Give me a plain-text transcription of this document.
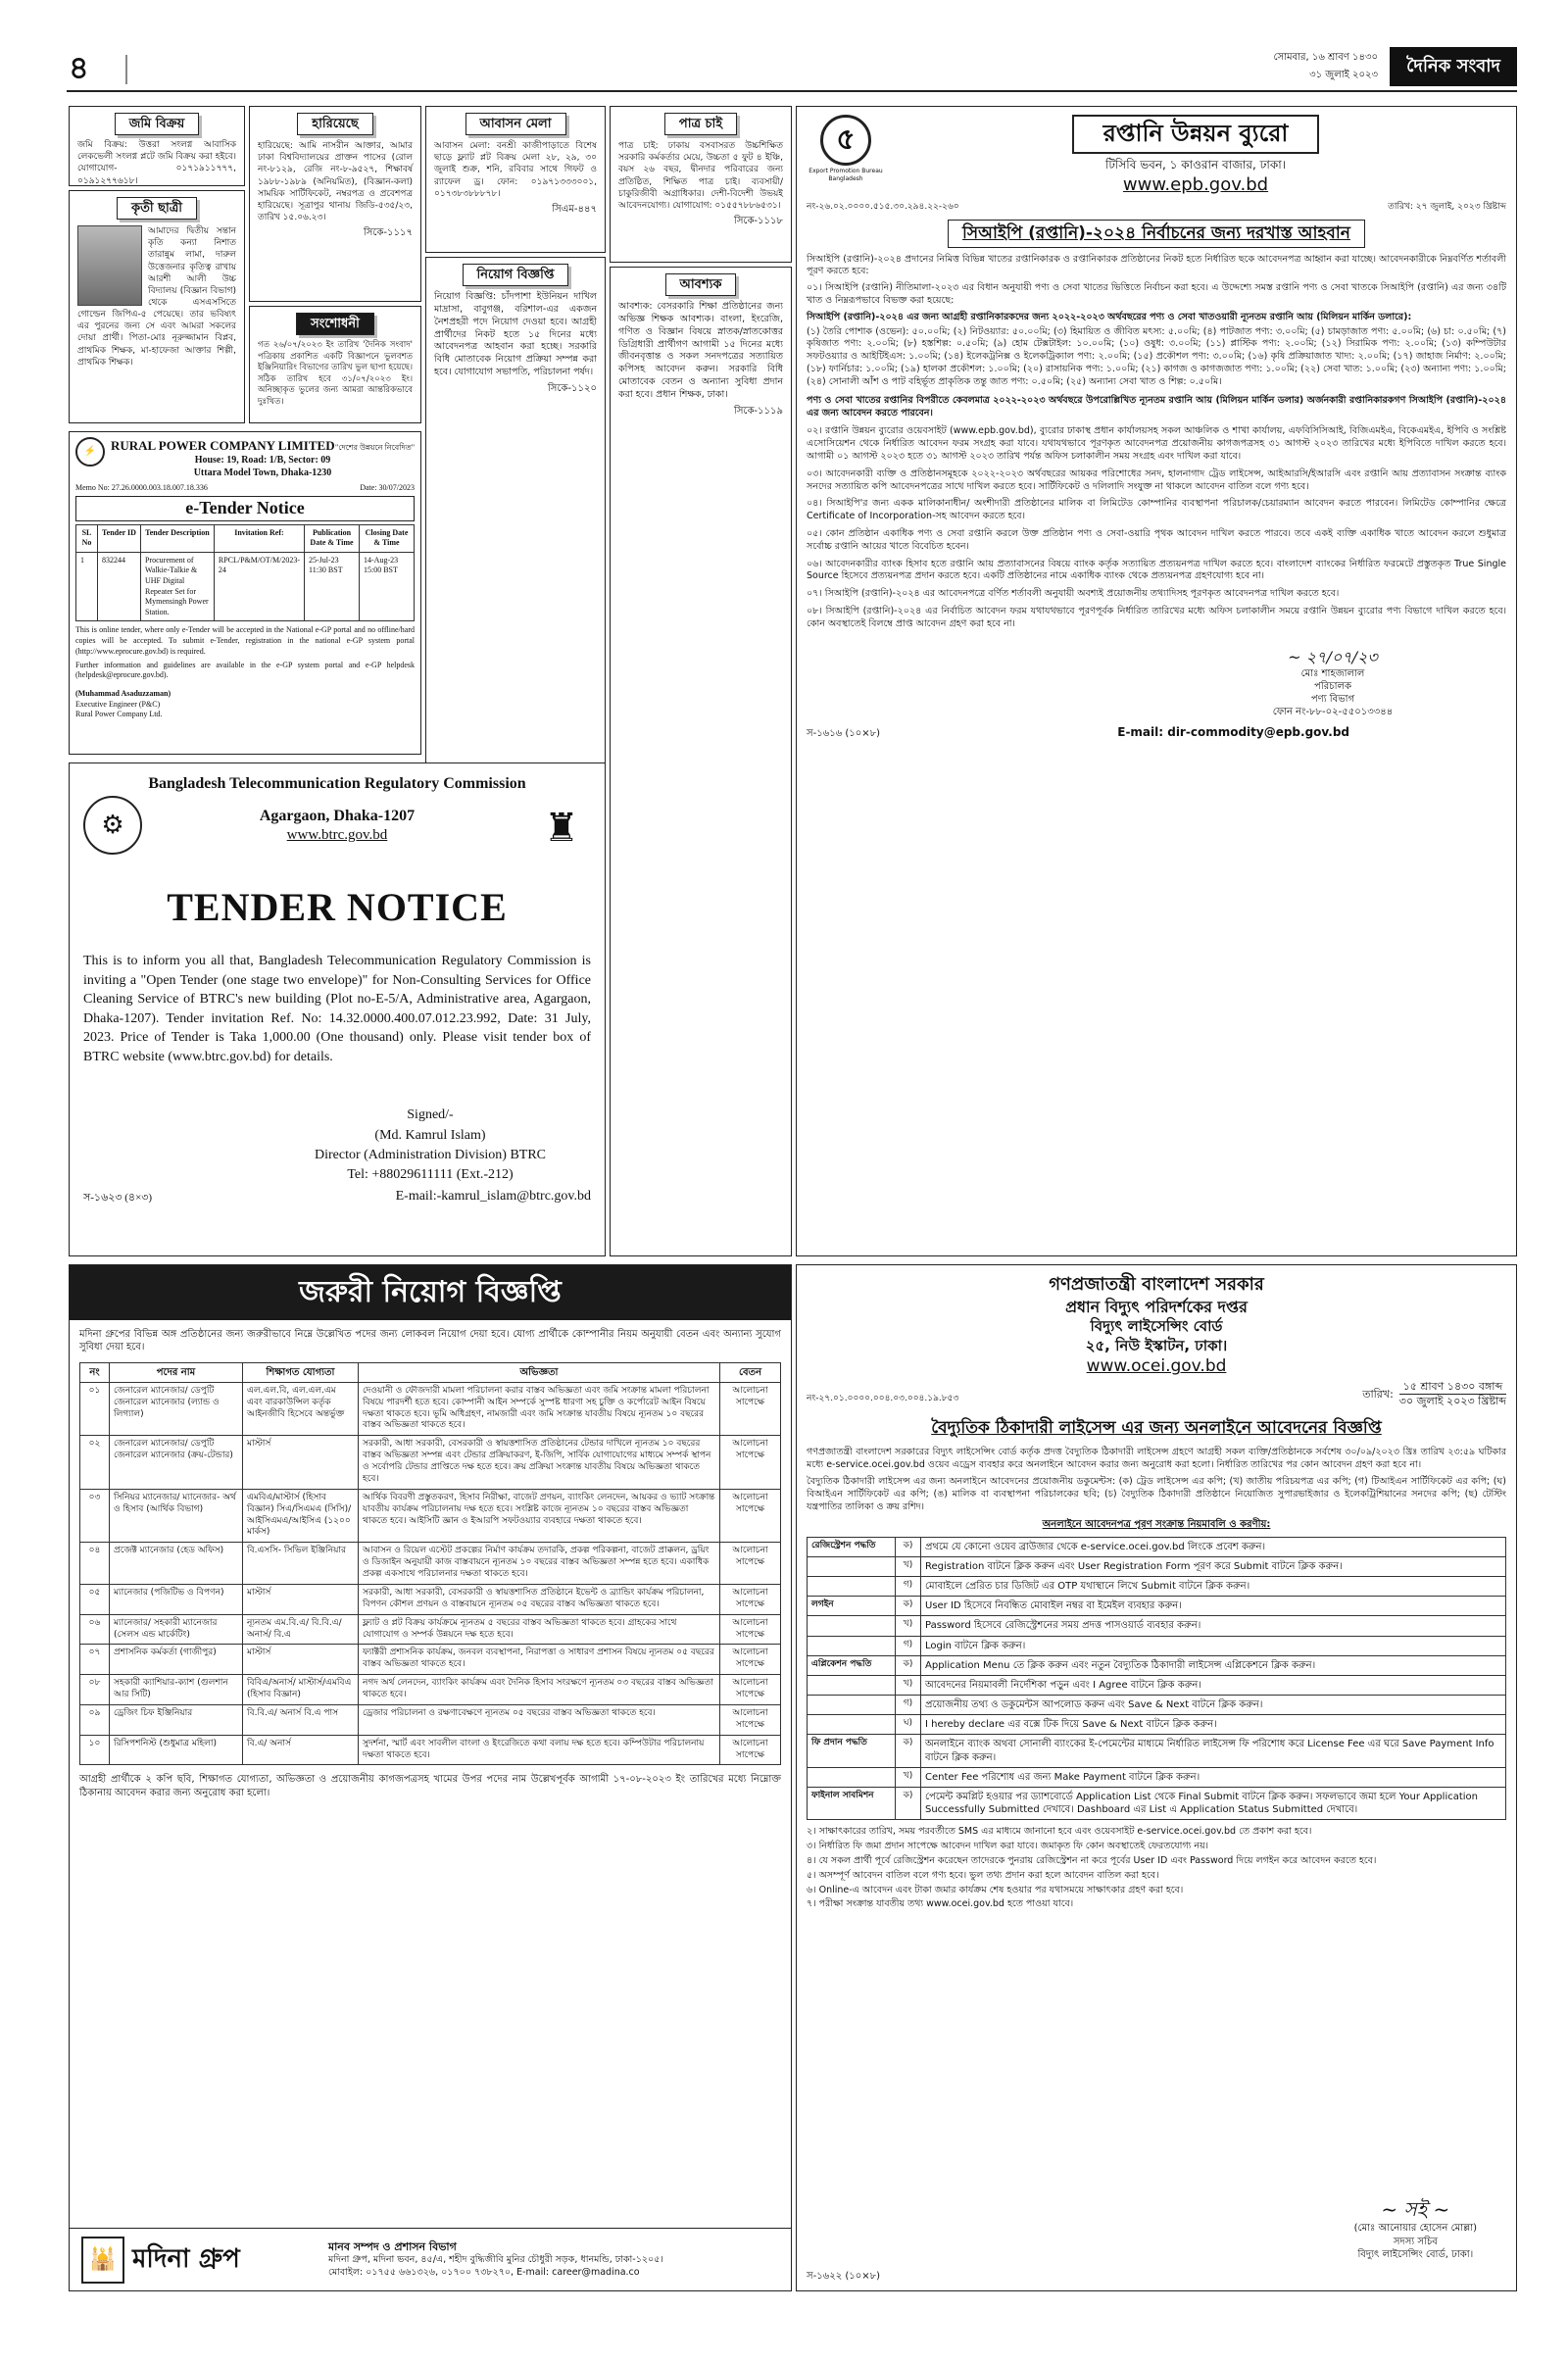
৪	সোমবার, ১৬ শ্রাবণ ১৪৩০
৩১ জুলাই ২০২৩ দৈনিক সংবাদ
জমি বিক্রয়
জমি বিক্রয়: উত্তরা সংলগ্ন আবাসিক লেকভেলী সংলগ্ন প্লটে জমি বিক্রয় করা হইবে। যোগাযোগ- ০১৭১৯১১৭৭৭, ০১৯১২৭৭৬১৮।
কৃতী ছাত্রী
আমাদের দ্বিতীয় সন্তান কৃতি কন্যা নিশাত তারান্নুম লামা, দারুল উত্তেজনার কৃতিত্ব রাখায় আরশী আলী উচ্চ বিদ্যালয় (বিজ্ঞান বিভাগ) থেকে এসএসসিতে গোল্ডেন জিপিএ-৫ পেয়েছে। তার ভবিষ্যৎ এর পুরনের জন্য সে এবং আমরা সকলের দোয়া প্রার্থী। পিতা-মোঃ নূরুজ্জামান বিপ্লব, প্রাথমিক শিক্ষক, মা-হাফেজা আক্তার শিল্পী, প্রাথমিক শিক্ষক।
হারিয়েছে
হারিয়েছে: আমি নাসরীন আক্তার, আমার ঢাকা বিশ্ববিদ্যালয়ের প্রাক্তন পাসের (রোল নং-৮১২৯, রেজি নং-৮-৯৫২৭, শিক্ষাবর্ষ ১৯৮৮-১৯৮৯ (অনিয়মিত), (বিজ্ঞান-কলা) সাময়িক সার্টিফিকেট, নম্বরপত্র ও প্রবেশপত্র হারিয়েছে। সূত্রাপুর থানায় জিডি-৫৩৫/২৩, তারিখ ১৫.০৬.২৩।
সিকে-১১১৭
সংশোধনী
গত ২৬/০৭/২০২৩ ইং তারিখ 'দৈনিক সংবাদ' পত্রিকায় প্রকাশিত একটি বিজ্ঞাপনে ভুলবশত ইঞ্জিনিয়ারিং বিভাগের তারিখ ভুল ছাপা হয়েছে। সঠিক তারিখ হবে ৩১/০৭/২০২৩ ইং। অনিচ্ছাকৃত ভুলের জন্য আমরা আন্তরিকভাবে দুঃখিত।
আবাসন মেলা
আবাসন মেলা: বনশ্রী কাজীপাড়াতে বিশেষ ছাড়ে ফ্ল্যাট প্লট বিক্রয় মেলা ২৮, ২৯, ৩০ জুলাই শুক্র, শনি, রবিবার সাথে গিফট ও র‍্যাফেল ড্র। ফোন: ০১৯৭১৩৩৩০০১, ০১৭৩৮৩৮৮৮৭৮।
সিএম-৪৪৭
নিয়োগ বিজ্ঞপ্তি
নিয়োগ বিজ্ঞপ্তি: চাঁদপাশা ইউনিয়ন দাখিল মাদ্রাসা, বাবুগঞ্জ, বরিশাল-এর একজন নৈশপ্রহরী পদে নিয়োগ দেওয়া হবে। আগ্রহী প্রার্থীদের নিকট হতে ১৫ দিনের মধ্যে আবেদনপত্র আহবান করা হচ্ছে। সরকারি বিধি মোতাবেক নিয়োগ প্রক্রিয়া সম্পন্ন করা হবে। যোগাযোগ সভাপতি, পরিচালনা পর্ষদ।
সিকে-১১২০
পাত্র চাই
পাত্র চাই: ঢাকায় বসবাসরত উচ্চশিক্ষিত সরকারি কর্মকর্তার মেয়ে, উচ্চতা ৫ ফুট ৪ ইঞ্চি, বয়স ২৬ বছর, দ্বীনদার পরিবারের জন্য প্রতিষ্ঠিত, শিক্ষিত পাত্র চাই। ব্যবসায়ী/চাকুরিজীবী অগ্রাধিকার। দেশী-বিদেশী উভয়ই আবেদনযোগ্য। যোগাযোগ: ০১৫৫৭৮৮৬৫৩১।
সিকে-১১১৮
আবশ্যক
আবশ্যক: বেসরকারি শিক্ষা প্রতিষ্ঠানের জন্য অভিজ্ঞ শিক্ষক আবশ্যক। বাংলা, ইংরেজি, গণিত ও বিজ্ঞান বিষয়ে স্নাতক/স্নাতকোত্তর ডিগ্রিধারী প্রার্থীগণ আগামী ১৫ দিনের মধ্যে জীবনবৃত্তান্ত ও সকল সনদপত্রের সত্যায়িত কপিসহ আবেদন করুন। সরকারি বিধি মোতাবেক বেতন ও অন্যান্য সুবিধা প্রদান করা হবে। প্রধান শিক্ষক, ঢাকা।
সিকে-১১১৯
⚡	RURAL POWER COMPANY LIMITED "দেশের উন্নয়নে নিবেদিত"
House: 19, Road: 1/B, Sector: 09
Uttara Model Town, Dhaka-1230
Memo No: 27.26.0000.003.18.007.18.336	Date: 30/07/2023
e-Tender Notice
SL No	Tender ID	Tender Description	Invitation Ref:	Publication Date & Time	Closing Date & Time
1	832244	Procurement of Walkie-Talkie & UHF Digital Repeater Set for Mymensingh Power Station.	RPCL/P&M/OT/M/2023-24	25-Jul-23 11:30 BST	14-Aug-23 15:00 BST
This is online tender, where only e-Tender will be accepted in the National e-GP portal and no offline/hard copies will be accepted. To submit e-Tender, registration in the national e-GP system portal (http://www.eprocure.gov.bd) is required.
Further information and guidelines are available in the e-GP system portal and e-GP helpdesk (helpdesk@eprocure.gov.bd).
(Muhammad Asaduzzaman)
Executive Engineer (P&C)
Rural Power Company Ltd.
Bangladesh Telecommunication Regulatory Commission
⚙	Agargaon, Dhaka-1207
www.btrc.gov.bd	♜
TENDER NOTICE
This is to inform you all that, Bangladesh Telecommunication Regulatory Commission is inviting a "Open Tender (one stage two envelope)" for Non-Consulting Services for Office Cleaning Service of BTRC's new building (Plot no-E-5/A, Administrative area, Agargaon, Dhaka-1207). Tender invitation Ref. No: 14.32.0000.400.07.012.23.992, Date: 31 July, 2023. Price of Tender is Taka 1,000.00 (One thousand) only. Please visit tender box of BTRC website (www.btrc.gov.bd) for details.
Signed/-
(Md. Kamrul Islam)
Director (Administration Division) BTRC
Tel: +88029611111 (Ext.-212)
স-১৬২৩ (৪×৩)	E-mail:-kamrul_islam@btrc.gov.bd
৫
Export Promotion Bureau Bangladesh
রপ্তানি উন্নয়ন ব্যুরো
টিসিবি ভবন, ১ কাওরান বাজার, ঢাকা।
www.epb.gov.bd
নং-২৬.০২.০০০০.৫১৫.৩০.২৯৪.২২-২৬০	তারিখ: ২৭ জুলাই, ২০২৩ খ্রিষ্টাব্দ
সিআইপি (রপ্তানি)-২০২৪ নির্বাচনের জন্য দরখাস্ত আহবান
সিআইপি (রপ্তানি)-২০২৪ প্রদানের নিমিত্ত বিভিন্ন খাতের রপ্তানিকারক ও রপ্তানিকারক প্রতিষ্ঠানের নিকট হতে নির্ধারিত ছকে আবেদনপত্র আহ্বান করা যাচ্ছে। আবেদনকারীকে নিম্নবর্ণিত শর্তাবলী পূরণ করতে হবে:
০১। সিআইপি (রপ্তানি) নীতিমালা-২০২৩ এর বিধান অনুযায়ী পণ্য ও সেবা খাতের ভিত্তিতে নির্বাচন করা হবে। এ উদ্দেশ্যে সমস্ত রপ্তানি পণ্য ও সেবা খাতকে সিআইপি (রপ্তানি) এর জন্য ৩৪টি খাত ও নিম্নরূপভাবে বিভক্ত করা হয়েছে:
সিআইপি (রপ্তানি)-২০২৪ এর জন্য আগ্রহী রপ্তানিকারকদের জন্য ২০২২-২০২৩ অর্থবছরের পণ্য ও সেবা খাতওয়ারী ন্যূনতম রপ্তানি আয় (মিলিয়ন মার্কিন ডলারে):
(১) তৈরি পোশাক (ওভেন): ৫০.০০মি; (২) নিটওয়্যার: ৫০.০০মি; (৩) হিমায়িত ও জীবিত মৎস্য: ৫.০০মি; (৪) পাটজাত পণ্য: ৩.০০মি; (৫) চামড়াজাত পণ্য: ৫.০০মি; (৬) চা: ০.৫০মি; (৭) কৃষিজাত পণ্য: ২.০০মি; (৮) হস্তশিল্প: ০.৫০মি; (৯) হোম টেক্সটাইল: ১০.০০মি; (১০) ওষুধ: ৩.০০মি; (১১) প্লাস্টিক পণ্য: ২.০০মি; (১২) সিরামিক পণ্য: ২.০০মি; (১৩) কম্পিউটার সফটওয়্যার ও আইটিইএস: ১.০০মি; (১৪) ইলেকট্রনিক্স ও ইলেকট্রিক্যাল পণ্য: ২.০০মি; (১৫) প্রকৌশল পণ্য: ৩.০০মি; (১৬) কৃষি প্রক্রিয়াজাত খাদ্য: ২.০০মি; (১৭) জাহাজ নির্মাণ: ২.০০মি; (১৮) ফার্নিচার: ১.০০মি; (১৯) হালকা প্রকৌশল: ১.০০মি; (২০) রাসায়নিক পণ্য: ১.০০মি; (২১) কাগজ ও কাগজজাত পণ্য: ১.০০মি; (২২) সেবা খাত: ১.০০মি; (২৩) অন্যান্য পণ্য: ১.০০মি; (২৪) সোনালী আঁশ ও পাট বহির্ভূত প্রাকৃতিক তন্তু জাত পণ্য: ০.৫০মি; (২৫) অন্যান্য সেবা খাত ও শিল্প: ০.৫০মি।
পণ্য ও সেবা খাতের রপ্তানির বিপরীতে কেবলমাত্র ২০২২-২০২৩ অর্থবছরে উপরোল্লিখিত ন্যূনতম রপ্তানি আয় (মিলিয়ন মার্কিন ডলার) অর্জনকারী রপ্তানিকারকগণ সিআইপি (রপ্তানি)-২০২৪ এর জন্য আবেদন করতে পারবেন।
০২। রপ্তানি উন্নয়ন ব্যুরোর ওয়েবসাইট (www.epb.gov.bd), ব্যুরোর ঢাকাস্থ প্রধান কার্যালয়সহ সকল আঞ্চলিক ও শাখা কার্যালয়, এফবিসিসিআই, বিজিএমইএ, বিকেএমইএ, ইপিবি ও সংশ্লিষ্ট এসোসিয়েশন থেকে নির্ধারিত আবেদন ফরম সংগ্রহ করা যাবে। যথাযথভাবে পূরণকৃত আবেদনপত্র প্রয়োজনীয় কাগজপত্রসহ ৩১ আগস্ট ২০২৩ তারিখের মধ্যে ইপিবিতে দাখিল করতে হবে। আগামী ০১ আগস্ট ২০২৩ হতে ৩১ আগস্ট ২০২৩ তারিখ পর্যন্ত অফিস চলাকালীন সময় সংগ্রহ এবং দাখিল করা যাবে।
০৩। আবেদনকারী ব্যক্তি ও প্রতিষ্ঠানসমূহকে ২০২২-২০২৩ অর্থবছরের আয়কর পরিশোধের সনদ, হালনাগাদ ট্রেড লাইসেন্স, আইআরসি/ইআরসি এবং রপ্তানি আয় প্রত্যাবাসন সংক্রান্ত ব্যাংক সনদের সত্যায়িত কপি আবেদনপত্রের সাথে দাখিল করতে হবে। সার্টিফিকেট ও দলিলাদি সংযুক্ত না থাকলে আবেদন বাতিল বলে গণ্য হবে।
০৪। সিআইপি'র জন্য একক মালিকানাধীন/ অংশীদারী প্রতিষ্ঠানের মালিক বা লিমিটেড কোম্পানির ব্যবস্থাপনা পরিচালক/চেয়ারম্যান আবেদন করতে পারবেন। লিমিটেড কোম্পানির ক্ষেত্রে Certificate of Incorporation-সহ আবেদন করতে হবে।
০৫। কোন প্রতিষ্ঠান একাধিক পণ্য ও সেবা রপ্তানি করলে উক্ত প্রতিষ্ঠান পণ্য ও সেবা-ওয়ারি পৃথক আবেদন দাখিল করতে পারবে। তবে একই ব্যক্তি একাধিক খাতে আবেদন করলে শুধুমাত্র সর্বোচ্চ রপ্তানি আয়ের খাতে বিবেচিত হবেন।
০৬। আবেদনকারীর ব্যাংক হিসাব হতে রপ্তানি আয় প্রত্যাবাসনের বিষয়ে ব্যাংক কর্তৃক সত্যায়িত প্রত্যয়নপত্র দাখিল করতে হবে। বাংলাদেশ ব্যাংকের নির্ধারিত ফরমেটে প্রস্তুতকৃত True Single Source হিসেবে প্রত্যয়নপত্র প্রদান করতে হবে। একটি প্রতিষ্ঠানের নামে একাধিক ব্যাংক থেকে প্রত্যয়নপত্র গ্রহণযোগ্য হবে না।
০৭। সিআইপি (রপ্তানি)-২০২৪ এর আবেদনপত্রে বর্ণিত শর্তাবলী অনুযায়ী অবশ্যই প্রয়োজনীয় তথ্যাদিসহ পূরণকৃত আবেদনপত্র দাখিল করতে হবে।
০৮। সিআইপি (রপ্তানি)-২০২৪ এর নির্বাচিত আবেদন ফরম যথাযথভাবে পূরণপূর্বক নির্ধারিত তারিখের মধ্যে অফিস চলাকালীন সময়ে রপ্তানি উন্নয়ন ব্যুরোর পণ্য বিভাগে দাখিল করতে হবে। কোন অবস্থাতেই বিলম্বে প্রাপ্ত আবেদন গ্রহণ করা হবে না।
~ ২৭/০৭/২৩
মোঃ শাহজালাল
পরিচালক
পণ্য বিভাগ
ফোন নং-৮৮-০২-৫৫০১৩৩৪৪
স-১৬১৬ (১০×৮)	E-mail: dir-commodity@epb.gov.bd
জরুরী নিয়োগ বিজ্ঞপ্তি
মদিনা গ্রুপের বিভিন্ন অঙ্গ প্রতিষ্ঠানের জন্য জরুরীভাবে নিম্নে উল্লেখিত পদের জন্য লোকবল নিয়োগ দেয়া হবে। যোগ্য প্রার্থীকে কোম্পানীর নিয়ম অনুযায়ী বেতন এবং অন্যান্য সুযোগ সুবিধা দেয়া হবে।
নং	পদের নাম	শিক্ষাগত যোগ্যতা	অভিজ্ঞতা	বেতন
০১	জেনারেল ম্যানেজার/ ডেপুটি জেনারেল ম্যানেজার (ল্যান্ড ও লিগ্যাল)	এল.এল.বি, এল.এল.এম এবং বারকাউন্সিল কর্তৃক আইনজীবি হিসেবে অন্তর্ভুক্ত	দেওয়ানী ও ফৌজদারী মামলা পরিচালনা করার বাস্তব অভিজ্ঞতা এবং জমি সংক্রান্ত মামলা পরিচালনা বিষয়ে পারদর্শী হতে হবে। কোম্পানী আইন সম্পর্কে সুস্পষ্ট ধারণা সহ চুক্তি ও কর্পোরেট আইন বিষয়ে দক্ষতা থাকতে হবে। ভূমি অধিগ্রহণ, নামজারী এবং জমি সংক্রান্ত যাবতীয় বিষয়ে ন্যূনতম ১০ বছরের বাস্তব অভিজ্ঞতা থাকতে হবে।	আলোচনা সাপেক্ষে
০২	জেনারেল ম্যানেজার/ ডেপুটি জেনারেল ম্যানেজার (ক্রয়-টেন্ডার)	মাস্টার্স	সরকারী, আধা সরকারী, বেসরকারী ও স্বায়ত্তশাসিত প্রতিষ্ঠানের টেন্ডার দাখিলে ন্যূনতম ১০ বছরের বাস্তব অভিজ্ঞতা সম্পন্ন এবং টেন্ডার প্রক্রিয়াকরণ, ই-জিপি, সার্বিক যোগাযোগের মাধ্যমে সম্পর্ক স্থাপন ও সর্বোপরি টেন্ডার প্রাপ্তিতে দক্ষ হতে হবে। ক্রয় প্রক্রিয়া সংক্রান্ত যাবতীয় বিষয়ে অভিজ্ঞতা থাকতে হবে।	আলোচনা সাপেক্ষে
০৩	সিনিয়র ম্যানেজার/ ম্যানেজার- অর্থ ও হিসাব (আর্থিক বিভাগ)	এমবিএ/মাস্টার্স (হিসাব বিজ্ঞান) সিএ/সিএমএ (সিসি)/ আইসিএমএ/আইসিএ (১২০০ মার্কস)	আর্থিক বিবরণী প্রস্তুতকরণ, হিসাব নিরীক্ষা, বাজেট প্রণয়ন, ব্যাংকিং লেনদেন, আয়কর ও ভ্যাট সংক্রান্ত যাবতীয় কার্যক্রম পরিচালনায় দক্ষ হতে হবে। সংশ্লিষ্ট কাজে ন্যূনতম ১০ বছরের বাস্তব অভিজ্ঞতা থাকতে হবে। আইসিটি জ্ঞান ও ইআরপি সফটওয়্যার ব্যবহারে দক্ষতা থাকতে হবে।	আলোচনা সাপেক্ষে
০৪	প্রজেক্ট ম্যানেজার (হেড অফিস)	বি.এসসি- সিভিল ইঞ্জিনিয়ার	আবাসন ও রিয়েল এস্টেট প্রকল্পের নির্মাণ কার্যক্রম তদারকি, প্রকল্প পরিকল্পনা, বাজেট প্রাক্কলন, ড্রয়িং ও ডিজাইন অনুযায়ী কাজ বাস্তবায়নে ন্যূনতম ১০ বছরের বাস্তব অভিজ্ঞতা সম্পন্ন হতে হবে। একাধিক প্রকল্প একসাথে পরিচালনার দক্ষতা থাকতে হবে।	আলোচনা সাপেক্ষে
০৫	ম্যানেজার (পজিটিভ ও বিপণন)	মাস্টার্স	সরকারী, আধা সরকারী, বেসরকারী ও স্বায়ত্তশাসিত প্রতিষ্ঠানে ইভেন্ট ও ব্র্যান্ডিং কার্যক্রম পরিচালনা, বিপণন কৌশল প্রণয়ন ও বাস্তবায়নে ন্যূনতম ০৫ বছরের বাস্তব অভিজ্ঞতা থাকতে হবে।	আলোচনা সাপেক্ষে
০৬	ম্যানেজার/ সহকারী ম্যানেজার (সেলস এন্ড মার্কেটিং)	ন্যূনতম এম.বি.এ/ বি.বি.এ/ অনার্স/ বি.এ	ফ্ল্যাট ও প্লট বিক্রয় কার্যক্রমে ন্যূনতম ৫ বছরের বাস্তব অভিজ্ঞতা থাকতে হবে। গ্রাহকের সাথে যোগাযোগ ও সম্পর্ক উন্নয়নে দক্ষ হতে হবে।	আলোচনা সাপেক্ষে
০৭	প্রশাসনিক কর্মকর্তা (গাজীপুর)	মাস্টার্স	ফ্যাক্টরী প্রশাসনিক কার্যক্রম, জনবল ব্যবস্থাপনা, নিরাপত্তা ও সাধারণ প্রশাসন বিষয়ে ন্যূনতম ০৫ বছরের বাস্তব অভিজ্ঞতা থাকতে হবে।	আলোচনা সাপেক্ষে
০৮	সহকারী ক্যাশিয়ার-ক্যাশ (গুলশান আর সিটি)	বিবিএ/অনার্স/ মাস্টার্স/এমবিএ (হিসাব বিজ্ঞান)	নগদ অর্থ লেনদেন, ব্যাংকিং কার্যক্রম এবং দৈনিক হিসাব সংরক্ষণে ন্যূনতম ০৩ বছরের বাস্তব অভিজ্ঞতা থাকতে হবে।	আলোচনা সাপেক্ষে
০৯	ড্রেজিং চিফ ইঞ্জিনিয়ার	বি.বি.এ/ অনার্স বি.এ পাস	ড্রেজার পরিচালনা ও রক্ষণাবেক্ষণে ন্যূনতম ০৫ বছরের বাস্তব অভিজ্ঞতা থাকতে হবে।	আলোচনা সাপেক্ষে
১০	রিসিপশনিস্ট (শুধুমাত্র মহিলা)	বি.এ/ অনার্স	সুদর্শনা, স্মার্ট এবং সাবলীল বাংলা ও ইংরেজিতে কথা বলায় দক্ষ হতে হবে। কম্পিউটার পরিচালনায় দক্ষতা থাকতে হবে।	আলোচনা সাপেক্ষে
আগ্রহী প্রার্থীকে ২ কপি ছবি, শিক্ষাগত যোগ্যতা, অভিজ্ঞতা ও প্রয়োজনীয় কাগজপত্রসহ খামের উপর পদের নাম উল্লেখপূর্বক আগামী ১৭-০৮-২০২৩ ইং তারিখের মধ্যে নিম্নোক্ত ঠিকানায় আবেদন করার জন্য অনুরোধ করা হলো।
🕌 মদিনা গ্রুপ	মানব সম্পদ ও প্রশাসন বিভাগ
মদিনা গ্রুপ, মদিনা ভবন, ৪৫/এ, শহীদ বুদ্ধিজীবি মুনির চৌধুরী সড়ক, ধানমন্ডি, ঢাকা-১২০৫।
মোবাইল: ০১৭৫৫ ৬৬১৩২৬, ০১৭০০ ৭৩৮২৭০, E-mail: career@madina.co
গণপ্রজাতন্ত্রী বাংলাদেশ সরকার
প্রধান বিদ্যুৎ পরিদর্শকের দপ্তর
বিদ্যুৎ লাইসেন্সিং বোর্ড
২৫, নিউ ইস্কাটন, ঢাকা।
www.ocei.gov.bd
নং-২৭.০১.০০০০.০০৪.০৩.০০৪.১৯.৮৫৩	তারিখ:
১৫ শ্রাবণ ১৪৩০ বঙ্গাব্দ
৩০ জুলাই ২০২৩ খ্রিষ্টাব্দ
বৈদ্যুতিক ঠিকাদারী লাইসেন্স এর জন্য অনলাইনে আবেদনের বিজ্ঞপ্তি
গণপ্রজাতন্ত্রী বাংলাদেশ সরকারের বিদ্যুৎ লাইসেন্সিং বোর্ড কর্তৃক প্রদত্ত বৈদ্যুতিক ঠিকাদারী লাইসেন্স গ্রহণে আগ্রহী সকল ব্যক্তি/প্রতিষ্ঠানকে সর্বশেষ ৩০/০৯/২০২৩ খ্রিঃ তারিখ ২৩:৫৯ ঘটিকার মধ্যে e-service.ocei.gov.bd ওয়েব এড্রেস ব্যবহার করে অনলাইনে আবেদন করার জন্য অনুরোধ করা হলো। নির্ধারিত তারিখের পর কোন আবেদন গ্রহণ করা হবে না।
বৈদ্যুতিক ঠিকাদারী লাইসেন্স এর জন্য অনলাইনে আবেদনের প্রয়োজনীয় ডকুমেন্টস: (ক) ট্রেড লাইসেন্স এর কপি; (খ) জাতীয় পরিচয়পত্র এর কপি; (গ) টিআইএন সার্টিফিকেট এর কপি; (ঘ) বিআইএন সার্টিফিকেট এর কপি; (ঙ) মালিক বা ব্যবস্থাপনা পরিচালকের ছবি; (চ) বৈদ্যুতিক ঠিকাদারী প্রতিষ্ঠানে নিয়োজিত সুপারভাইজার ও ইলেকট্রিশিয়ানের সনদের কপি; (ছ) টেস্টিং যন্ত্রপাতির তালিকা ও ক্রয় রশিদ।
অনলাইনে আবেদনপত্র পূরণ সংক্রান্ত নিয়মাবলি ও করণীয়:
রেজিস্ট্রেশন পদ্ধতি	ক)	প্রথমে যে কোনো ওয়েব ব্রাউজার থেকে e-service.ocei.gov.bd লিংকে প্রবেশ করুন।
	খ)	Registration বাটনে ক্লিক করুন এবং User Registration Form পূরণ করে Submit বাটনে ক্লিক করুন।
	গ)	মোবাইলে প্রেরিত চার ডিজিট এর OTP যথাস্থানে লিখে Submit বাটনে ক্লিক করুন।
লগইন	ক)	User ID হিসেবে নিবন্ধিত মোবাইল নম্বর বা ইমেইল ব্যবহার করুন।
	খ)	Password হিসেবে রেজিস্ট্রেশনের সময় প্রদত্ত পাসওয়ার্ড ব্যবহার করুন।
	গ)	Login বাটনে ক্লিক করুন।
এপ্লিকেশন পদ্ধতি	ক)	Application Menu তে ক্লিক করুন এবং নতুন বৈদ্যুতিক ঠিকাদারী লাইসেন্স এপ্লিকেশনে ক্লিক করুন।
	খ)	আবেদনের নিয়মাবলী নির্দেশিকা পড়ুন এবং I Agree বাটনে ক্লিক করুন।
	গ)	প্রয়োজনীয় তথ্য ও ডকুমেন্টস আপলোড করুন এবং Save & Next বাটনে ক্লিক করুন।
	ঘ)	I hereby declare এর বক্সে টিক দিয়ে Save & Next বাটনে ক্লিক করুন।
ফি প্রদান পদ্ধতি	ক)	অনলাইনে ব্যাংক অথবা সোনালী ব্যাংকের ই-পেমেন্টের মাধ্যমে নির্ধারিত লাইসেন্স ফি পরিশোধ করে License Fee এর ঘরে Save Payment Info বাটনে ক্লিক করুন।
	খ)	Center Fee পরিশোধ এর জন্য Make Payment বাটনে ক্লিক করুন।
ফাইনাল সাবমিশন	ক)	পেমেন্ট কমপ্লিট হওয়ার পর ড্যাশবোর্ডে Application List থেকে Final Submit বাটনে ক্লিক করুন। সফলভাবে জমা হলে Your Application Successfully Submitted দেখাবে। Dashboard এর List এ Application Status Submitted দেখাবে।
২। সাক্ষাৎকারের তারিখ, সময় পরবর্তীতে SMS এর মাধ্যমে জানানো হবে এবং ওয়েবসাইট e-service.ocei.gov.bd তে প্রকাশ করা হবে।
৩। নির্ধারিত ফি জমা প্রদান সাপেক্ষে আবেদন দাখিল করা যাবে। জমাকৃত ফি কোন অবস্থাতেই ফেরতযোগ্য নয়।
৪। যে সকল প্রার্থী পূর্বে রেজিস্ট্রেশন করেছেন তাদেরকে পুনরায় রেজিস্ট্রেশন না করে পূর্বের User ID এবং Password দিয়ে লগইন করে আবেদন করতে হবে।
৫। অসম্পূর্ণ আবেদন বাতিল বলে গণ্য হবে। ভুল তথ্য প্রদান করা হলে আবেদন বাতিল করা হবে।
৬। Online-এ আবেদন এবং টাকা জমার কার্যক্রম শেষ হওয়ার পর যথাসময়ে সাক্ষাৎকার গ্রহণ করা হবে।
৭। পরীক্ষা সংক্রান্ত যাবতীয় তথ্য www.ocei.gov.bd হতে পাওয়া যাবে।
~ সই ~
(মোঃ আনোয়ার হোসেন মোল্লা)
সদস্য সচিব
বিদ্যুৎ লাইসেন্সিং বোর্ড, ঢাকা।
স-১৬২২ (১০×৮)
